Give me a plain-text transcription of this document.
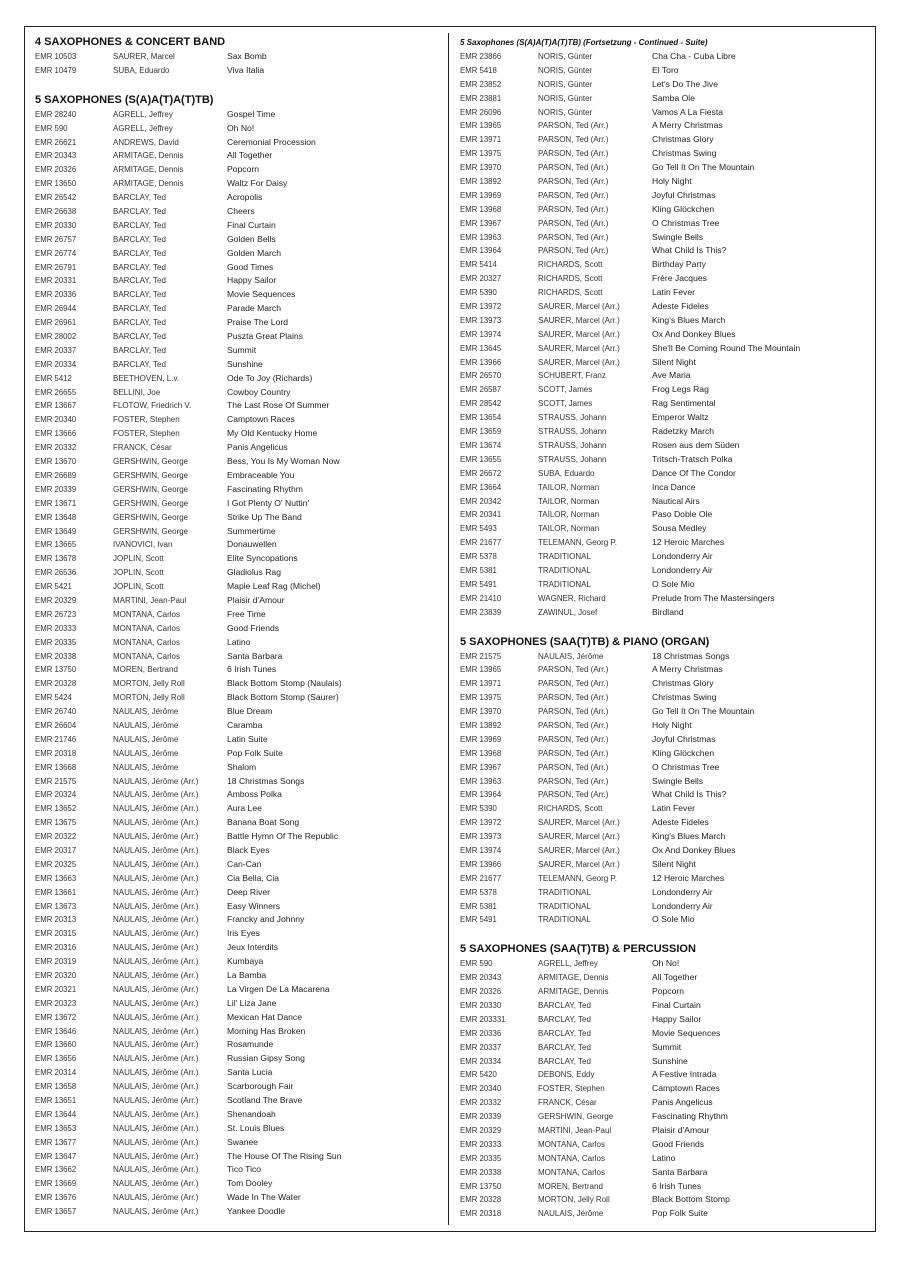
4 SAXOPHONES & CONCERT BAND
EMR 10503	SAURER, Marcel	Sax Bomb
EMR 10479	SUBA, Eduardo	Viva Italia
5 SAXOPHONES (S(A)A(T)A(T)TB)
EMR 28240	AGRELL, Jeffrey	Gospel Time
EMR 590	AGRELL, Jeffrey	Oh No!
EMR 26621	ANDREWS, David	Ceremonial Procession
EMR 20343	ARMITAGE, Dennis	All Together
EMR 20326	ARMITAGE, Dennis	Popcorn
EMR 13650	ARMITAGE, Dennis	Waltz For Daisy
EMR 26542	BARCLAY, Ted	Acropolis
EMR 26638	BARCLAY, Ted	Cheers
EMR 20330	BARCLAY, Ted	Final Curtain
EMR 26757	BARCLAY, Ted	Golden Bells
EMR 26774	BARCLAY, Ted	Golden March
EMR 26791	BARCLAY, Ted	Good Times
EMR 20331	BARCLAY, Ted	Happy Sailor
EMR 20336	BARCLAY, Ted	Movie Sequences
EMR 26944	BARCLAY, Ted	Parade March
EMR 26961	BARCLAY, Ted	Praise The Lord
EMR 28002	BARCLAY, Ted	Puszta Great Plains
EMR 20337	BARCLAY, Ted	Summit
EMR 20334	BARCLAY, Ted	Sunshine
EMR 5412	BEETHOVEN, L.v.	Ode To Joy (Richards)
EMR 26655	BELLINI, Joe	Cowboy Country
EMR 13667	FLOTOW, Friedrich V.	The Last Rose Of Summer
EMR 20340	FOSTER, Stephen	Camptown Races
EMR 13666	FOSTER, Stephen	My Old Kentucky Home
EMR 20332	FRANCK, César	Panis Angelicus
EMR 13670	GERSHWIN, George	Bess, You Is My Woman Now
EMR 26689	GERSHWIN, George	Embraceable You
EMR 20339	GERSHWIN, George	Fascinating Rhythm
EMR 13671	GERSHWIN, George	I Got Plenty O' Nuttin'
EMR 13648	GERSHWIN, George	Strike Up The Band
EMR 13649	GERSHWIN, George	Summertime
EMR 13665	IVANOVICI, Ivan	Donauwellen
EMR 13678	JOPLIN, Scott	Elite Syncopations
EMR 26536	JOPLIN, Scott	Gladiolus Rag
EMR 5421	JOPLIN, Scott	Maple Leaf Rag (Michel)
EMR 20329	MARTINI, Jean-Paul	Plaisir d'Amour
EMR 26723	MONTANA, Carlos	Free Time
EMR 20333	MONTANA, Carlos	Good Friends
EMR 20335	MONTANA, Carlos	Latino
EMR 20338	MONTANA, Carlos	Santa Barbara
EMR 13750	MOREN, Bertrand	6 Irish Tunes
EMR 20328	MORTON, Jelly Roll	Black Bottom Stomp (Naulais)
EMR 5424	MORTON, Jelly Roll	Black Bottom Stomp (Saurer)
EMR 26740	NAULAIS, Jérôme	Blue Dream
EMR 26604	NAULAIS, Jérôme	Caramba
EMR 21746	NAULAIS, Jérôme	Latin Suite
EMR 20318	NAULAIS, Jérôme	Pop Folk Suite
EMR 13668	NAULAIS, Jérôme	Shalom
EMR 21575	NAULAIS, Jérôme (Arr.)	18 Christmas Songs
EMR 20324	NAULAIS, Jérôme (Arr.)	Amboss Polka
EMR 13652	NAULAIS, Jérôme (Arr.)	Aura Lee
EMR 13675	NAULAIS, Jérôme (Arr.)	Banana Boat Song
EMR 20322	NAULAIS, Jérôme (Arr.)	Battle Hymn Of The Republic
EMR 20317	NAULAIS, Jérôme (Arr.)	Black Eyes
EMR 20325	NAULAIS, Jérôme (Arr.)	Can-Can
EMR 13663	NAULAIS, Jérôme (Arr.)	Cia Bella, Cia
EMR 13661	NAULAIS, Jérôme (Arr.)	Deep River
EMR 13673	NAULAIS, Jérôme (Arr.)	Easy Winners
EMR 20313	NAULAIS, Jérôme (Arr.)	Francky and Johnny
EMR 20315	NAULAIS, Jérôme (Arr.)	Iris Eyes
EMR 20316	NAULAIS, Jérôme (Arr.)	Jeux Interdits
EMR 20319	NAULAIS, Jérôme (Arr.)	Kumbaya
EMR 20320	NAULAIS, Jérôme (Arr.)	La Bamba
EMR 20321	NAULAIS, Jérôme (Arr.)	La Virgen De La Macarena
EMR 20323	NAULAIS, Jérôme (Arr.)	Lil' Liza Jane
EMR 13672	NAULAIS, Jérôme (Arr.)	Mexican Hat Dance
EMR 13646	NAULAIS, Jérôme (Arr.)	Morning Has Broken
EMR 13660	NAULAIS, Jérôme (Arr.)	Rosamunde
EMR 13656	NAULAIS, Jérôme (Arr.)	Russian Gipsy Song
EMR 20314	NAULAIS, Jérôme (Arr.)	Santa Lucia
EMR 13658	NAULAIS, Jérôme (Arr.)	Scarborough Fair
EMR 13651	NAULAIS, Jérôme (Arr.)	Scotland The Brave
EMR 13644	NAULAIS, Jérôme (Arr.)	Shenandoah
EMR 13653	NAULAIS, Jérôme (Arr.)	St. Louis Blues
EMR 13677	NAULAIS, Jérôme (Arr.)	Swanee
EMR 13647	NAULAIS, Jérôme (Arr.)	The House Of The Rising Sun
EMR 13662	NAULAIS, Jérôme (Arr.)	Tico Tico
EMR 13669	NAULAIS, Jérôme (Arr.)	Tom Dooley
EMR 13676	NAULAIS, Jérôme (Arr.)	Wade In The Water
EMR 13657	NAULAIS, Jérôme (Arr.)	Yankee Doodle
5 Saxophones (S(A)A(T)A(T)TB) (Fortsetzung - Continued - Suite)
EMR 23866	NORIS, Günter	Cha Cha - Cuba Libre
EMR 5418	NORIS, Günter	El Toro
EMR 23852	NORIS, Günter	Let's Do The Jive
EMR 23881	NORIS, Günter	Samba Ole
EMR 26096	NORIS, Günter	Vamos A La Fiesta
EMR 13965	PARSON, Ted (Arr.)	A Merry Christmas
EMR 13971	PARSON, Ted (Arr.)	Christmas Glory
EMR 13975	PARSON, Ted (Arr.)	Christmas Swing
EMR 13970	PARSON, Ted (Arr.)	Go Tell It On The Mountain
EMR 13892	PARSON, Ted (Arr.)	Holy Night
EMR 13969	PARSON, Ted (Arr.)	Joyful Christmas
EMR 13968	PARSON, Ted (Arr.)	Kling Glöckchen
EMR 13967	PARSON, Ted (Arr.)	O Christmas Tree
EMR 13963	PARSON, Ted (Arr.)	Swingle Bells
EMR 13964	PARSON, Ted (Arr.)	What Child Is This?
EMR 5414	RICHARDS, Scott	Birthday Party
EMR 20327	RICHARDS, Scott	Frère Jacques
EMR 5390	RICHARDS, Scott	Latin Fever
EMR 13972	SAURER, Marcel (Arr.)	Adeste Fideles
EMR 13973	SAURER, Marcel (Arr.)	King's Blues March
EMR 13974	SAURER, Marcel (Arr.)	Ox And Donkey Blues
EMR 13645	SAURER, Marcel (Arr.)	She'll Be Coming Round The Mountain
EMR 13966	SAURER, Marcel (Arr.)	Silent Night
EMR 26570	SCHUBERT, Franz	Ave Maria
EMR 26587	SCOTT, James	Frog Legs Rag
EMR 28542	SCOTT, James	Rag Sentimental
EMR 13654	STRAUSS, Johann	Emperor Waltz
EMR 13659	STRAUSS, Johann	Radetzky March
EMR 13674	STRAUSS, Johann	Rosen aus dem Süden
EMR 13655	STRAUSS, Johann	Tritsch-Tratsch Polka
EMR 26672	SUBA, Eduardo	Dance Of The Condor
EMR 13664	TAILOR, Norman	Inca Dance
EMR 20342	TAILOR, Norman	Nautical Airs
EMR 20341	TAILOR, Norman	Paso Doble Ole
EMR 5493	TAILOR, Norman	Sousa Medley
EMR 21677	TELEMANN, Georg P.	12 Heroic Marches
EMR 5378	TRADITIONAL	Londonderry Air
EMR 5381	TRADITIONAL	Londonderry Air
EMR 5491	TRADITIONAL	O Sole Mio
EMR 21410	WAGNER, Richard	Prelude from The Mastersingers
EMR 23839	ZAWINUL, Josef	Birdland
5 SAXOPHONES (SAA(T)TB) & PIANO (ORGAN)
EMR 21575	NAULAIS, Jérôme	18 Christmas Songs
EMR 13965	PARSON, Ted (Arr.)	A Merry Christmas
EMR 13971	PARSON, Ted (Arr.)	Christmas Glory
EMR 13975	PARSON, Ted (Arr.)	Christmas Swing
EMR 13970	PARSON, Ted (Arr.)	Go Tell It On The Mountain
EMR 13892	PARSON, Ted (Arr.)	Holy Night
EMR 13969	PARSON, Ted (Arr.)	Joyful Christmas
EMR 13968	PARSON, Ted (Arr.)	Kling Glöckchen
EMR 13967	PARSON, Ted (Arr.)	O Christmas Tree
EMR 13963	PARSON, Ted (Arr.)	Swingle Bells
EMR 13964	PARSON, Ted (Arr.)	What Child Is This?
EMR 5390	RICHARDS, Scott	Latin Fever
EMR 13972	SAURER, Marcel (Arr.)	Adeste Fideles
EMR 13973	SAURER, Marcel (Arr.)	King's Blues March
EMR 13974	SAURER, Marcel (Arr.)	Ox And Donkey Blues
EMR 13966	SAURER, Marcel (Arr.)	Silent Night
EMR 21677	TELEMANN, Georg P.	12 Heroic Marches
EMR 5378	TRADITIONAL	Londonderry Air
EMR 5381	TRADITIONAL	Londonderry Air
EMR 5491	TRADITIONAL	O Sole Mio
5 SAXOPHONES (SAA(T)TB) & PERCUSSION
EMR 590	AGRELL, Jeffrey	Oh No!
EMR 20343	ARMITAGE, Dennis	All Together
EMR 20326	ARMITAGE, Dennis	Popcorn
EMR 20330	BARCLAY, Ted	Final Curtain
EMR 203331	BARCLAY, Ted	Happy Sailor
EMR 20336	BARCLAY, Ted	Movie Sequences
EMR 20337	BARCLAY, Ted	Summit
EMR 20334	BARCLAY, Ted	Sunshine
EMR 5420	DEBONS, Eddy	A Festive Intrada
EMR 20340	FOSTER, Stephen	Camptown Races
EMR 20332	FRANCK, César	Panis Angelicus
EMR 20339	GERSHWIN, George	Fascinating Rhythm
EMR 20329	MARTINI, Jean-Paul	Plaisir d'Amour
EMR 20333	MONTANA, Carlos	Good Friends
EMR 20335	MONTANA, Carlos	Latino
EMR 20338	MONTANA, Carlos	Santa Barbara
EMR 13750	MOREN, Bertrand	6 Irish Tunes
EMR 20328	MORTON, Jelly Roll	Black Bottom Stomp
EMR 20318	NAULAIS, Jérôme	Pop Folk Suite
